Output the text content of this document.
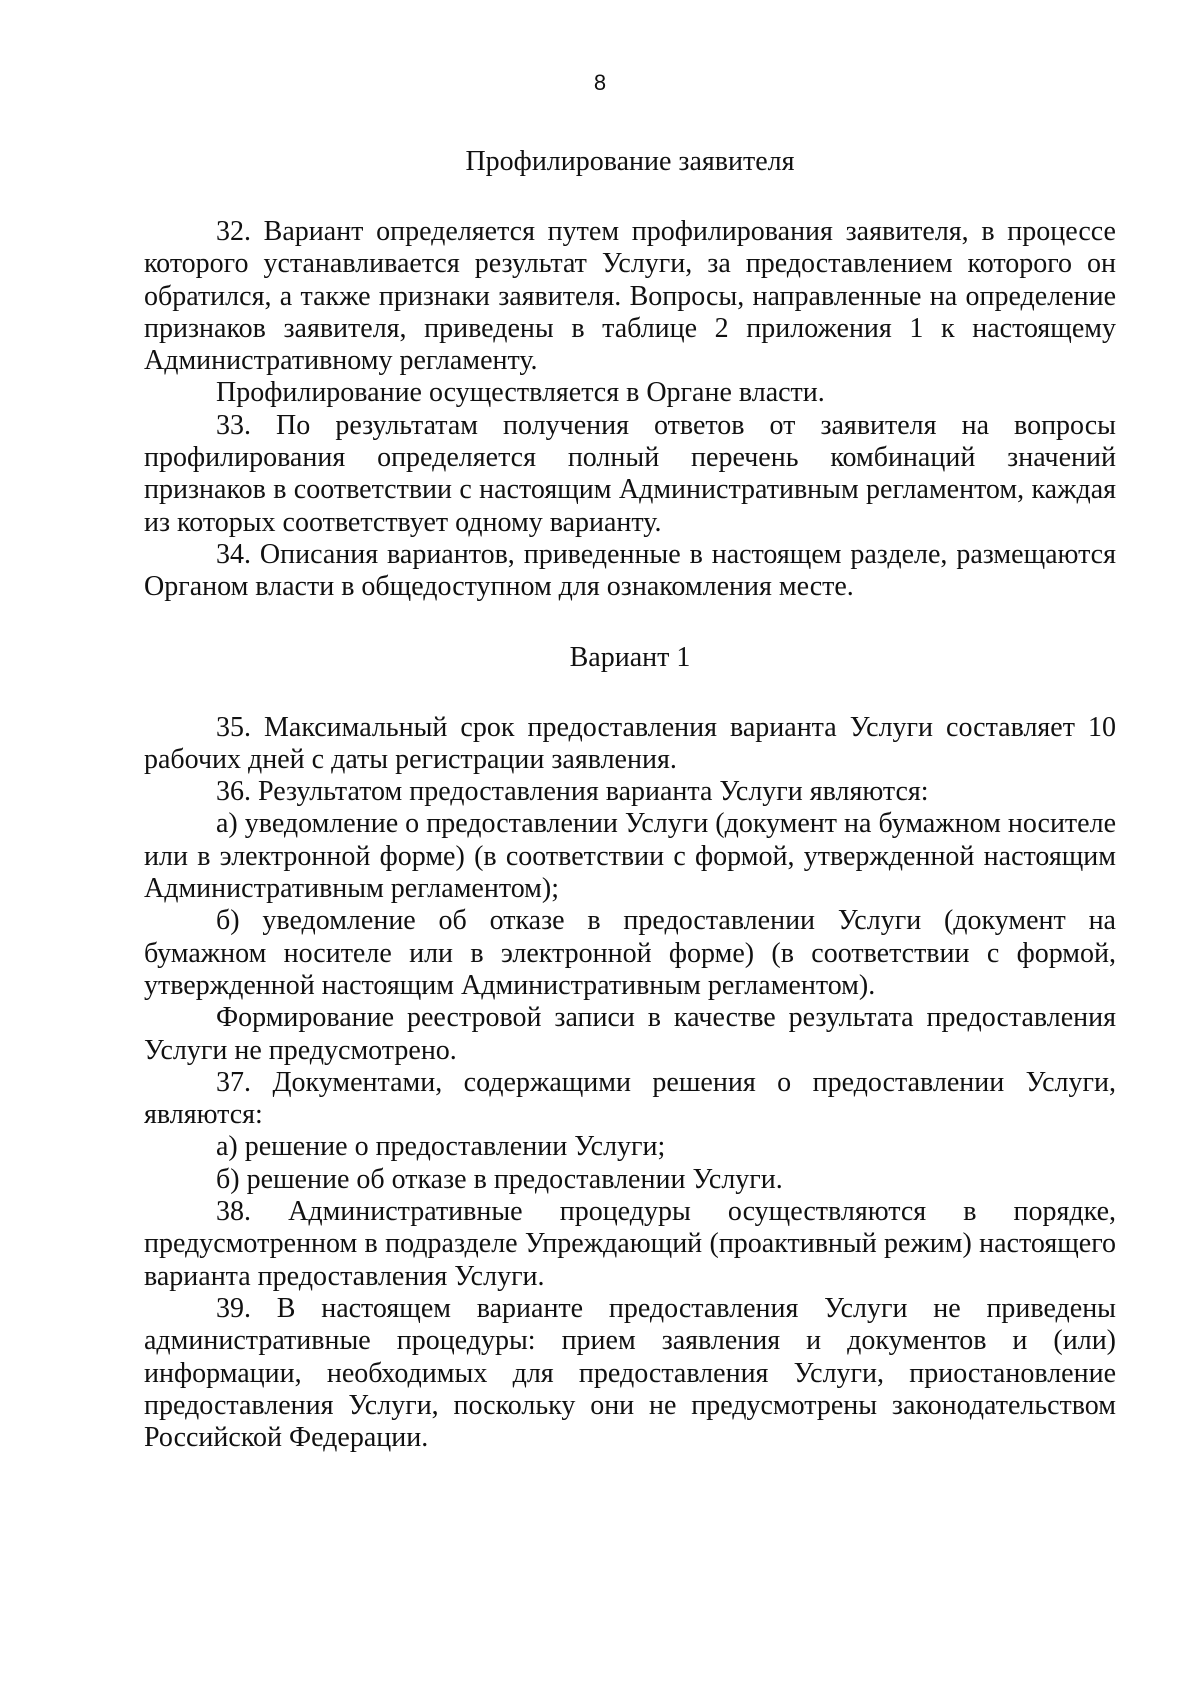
8
Профилирование заявителя

32. Вариант определяется путем профилирования заявителя, в процессе которого устанавливается результат Услуги, за предоставлением которого он обратился, а также признаки заявителя. Вопросы, направленные на определение признаков заявителя, приведены в таблице 2 приложения 1 к настоящему Административному регламенту.

Профилирование осуществляется в Органе власти.

33. По результатам получения ответов от заявителя на вопросы профилирования определяется полный перечень комбинаций значений признаков в соответствии с настоящим Административным регламентом, каждая из которых соответствует одному варианту.

34. Описания вариантов, приведенные в настоящем разделе, размещаются Органом власти в общедоступном для ознакомления месте.

Вариант 1

35. Максимальный срок предоставления варианта Услуги составляет 10 рабочих дней с даты регистрации заявления.

36. Результатом предоставления варианта Услуги являются:

а) уведомление о предоставлении Услуги (документ на бумажном носителе или в электронной форме) (в соответствии с формой, утвержденной настоящим Административным регламентом);

б) уведомление об отказе в предоставлении Услуги (документ на бумажном носителе или в электронной форме) (в соответствии с формой, утвержденной настоящим Административным регламентом).

Формирование реестровой записи в качестве результата предоставления Услуги не предусмотрено.

37. Документами, содержащими решения о предоставлении Услуги, являются:

а) решение о предоставлении Услуги;

б) решение об отказе в предоставлении Услуги.

38. Административные процедуры осуществляются в порядке, предусмотренном в подразделе Упреждающий (проактивный режим) настоящего варианта предоставления Услуги.

39. В настоящем варианте предоставления Услуги не приведены административные процедуры: прием заявления и документов и (или) информации, необходимых для предоставления Услуги, приостановление предоставления Услуги, поскольку они не предусмотрены законодательством Российской Федерации.
